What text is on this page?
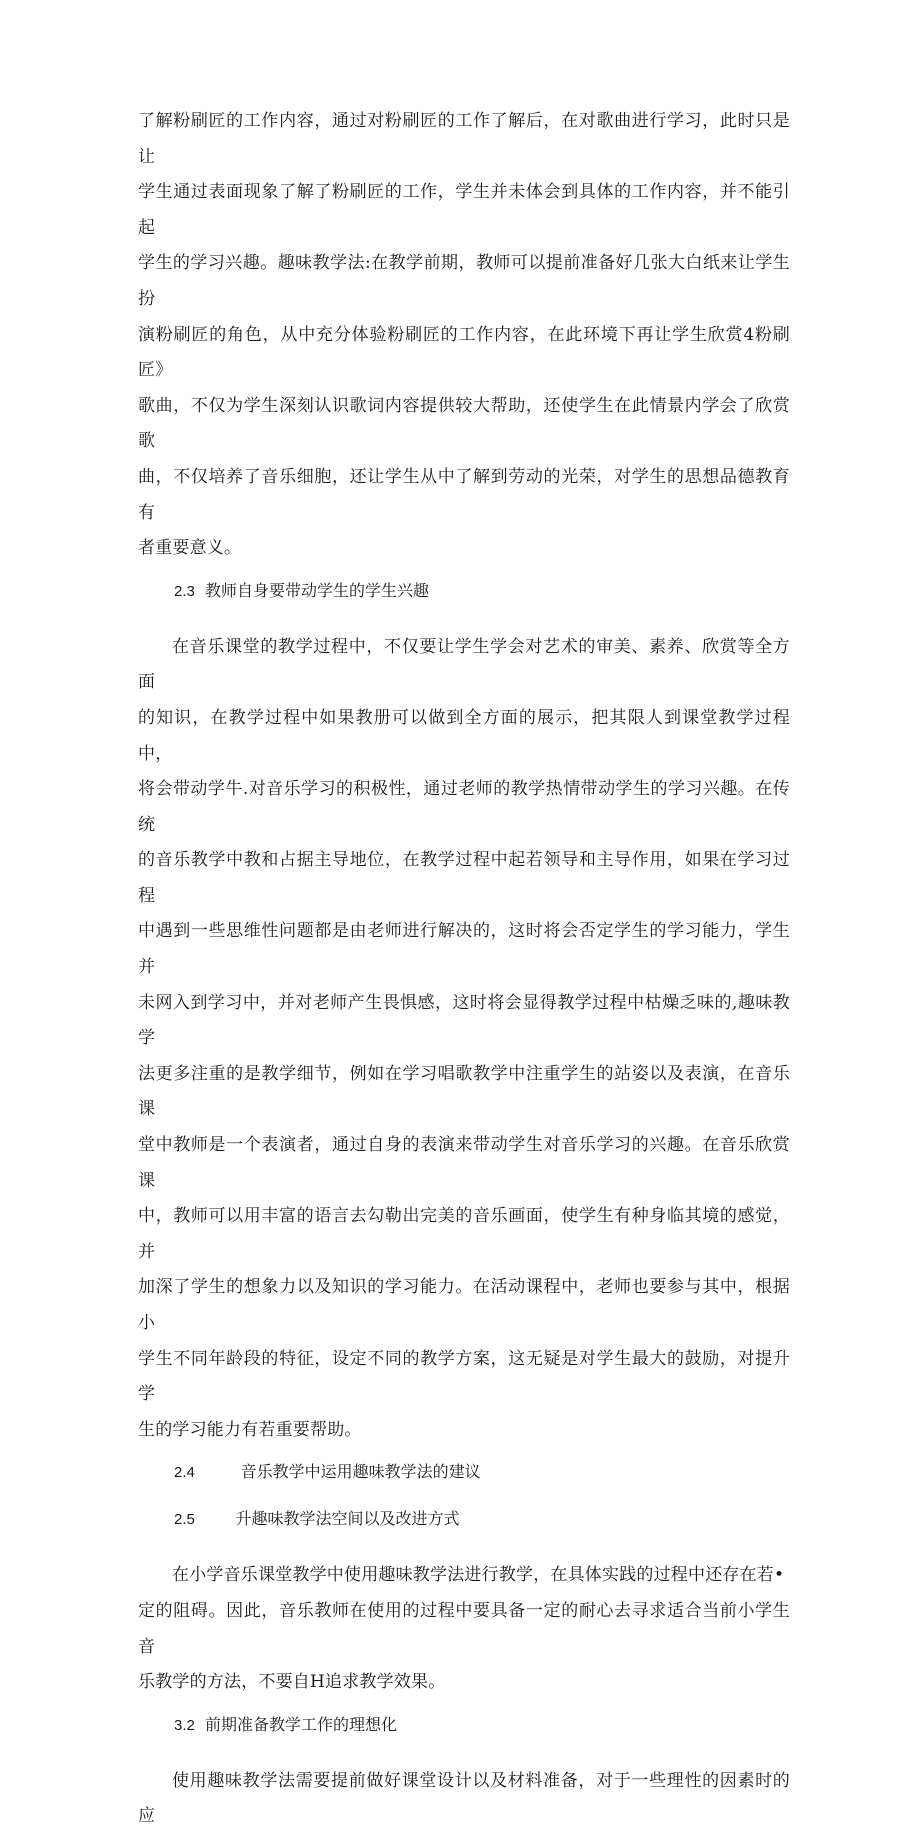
了解粉刷匠的工作内容，通过对粉刷匠的工作了解后，在对歌曲进行学习，此时只是让
学生通过表面现象了解了粉刷匠的工作，学生并未体会到具体的工作内容，并不能引起
学生的学习兴趣。趣味教学法:在教学前期，教师可以提前准备好几张大白纸来让学生扮
演粉刷匠的角色，从中充分体验粉刷匠的工作内容，在此环境下再让学生欣赏4粉刷匠》
歌曲，不仅为学生深刻认识歌词内容提供较大帮助，还使学生在此情景内学会了欣赏歌
曲，不仅培养了音乐细胞，还让学生从中了解到劳动的光荣，对学生的思想品德教育有
者重要意义。

2.3 教师自身要带动学生的学生兴趣

在音乐课堂的教学过程中，不仅要让学生学会对艺术的审美、素养、欣赏等全方面
的知识，在教学过程中如果教册可以做到全方面的展示，把其限人到课堂教学过程中，
将会带动学牛.对音乐学习的积极性，通过老师的教学热情带动学生的学习兴趣。在传统
的音乐教学中教和占据主导地位，在教学过程中起若领导和主导作用，如果在学习过程
中遇到一些思维性问题都是由老师进行解决的，这时将会否定学生的学习能力，学生并
未网入到学习中，并对老师产生畏惧感，这时将会显得教学过程中枯燥乏味的,趣味教学
法更多注重的是教学细节，例如在学习唱歌教学中注重学生的站姿以及表演，在音乐课
堂中教师是一个表演者，通过自身的表演来带动学生对音乐学习的兴趣。在音乐欣赏课
中，教师可以用丰富的语言去勾勒出完美的音乐画面，使学生有种身临其境的感觉，并
加深了学生的想象力以及知识的学习能力。在活动课程中，老师也要参与其中，根据小
学生不同年龄段的特征，设定不同的教学方案，这无疑是对学生最大的鼓励，对提升学
生的学习能力有若重要帮助。

2.4	音乐教学中运用趣味教学法的建议

2.5	升趣味教学法空间以及改进方式

在小学音乐课堂教学中使用趣味教学法进行教学，在具体实践的过程中还存在若•
定的阻碍。因此，音乐教师在使用的过程中要具备一定的耐心去寻求适合当前小学生音
乐教学的方法，不要自H追求教学效果。

3.2 前期准备教学工作的理想化

使用趣味教学法需要提前做好课堂设计以及材料准备，对于一些理性的因素时的应
